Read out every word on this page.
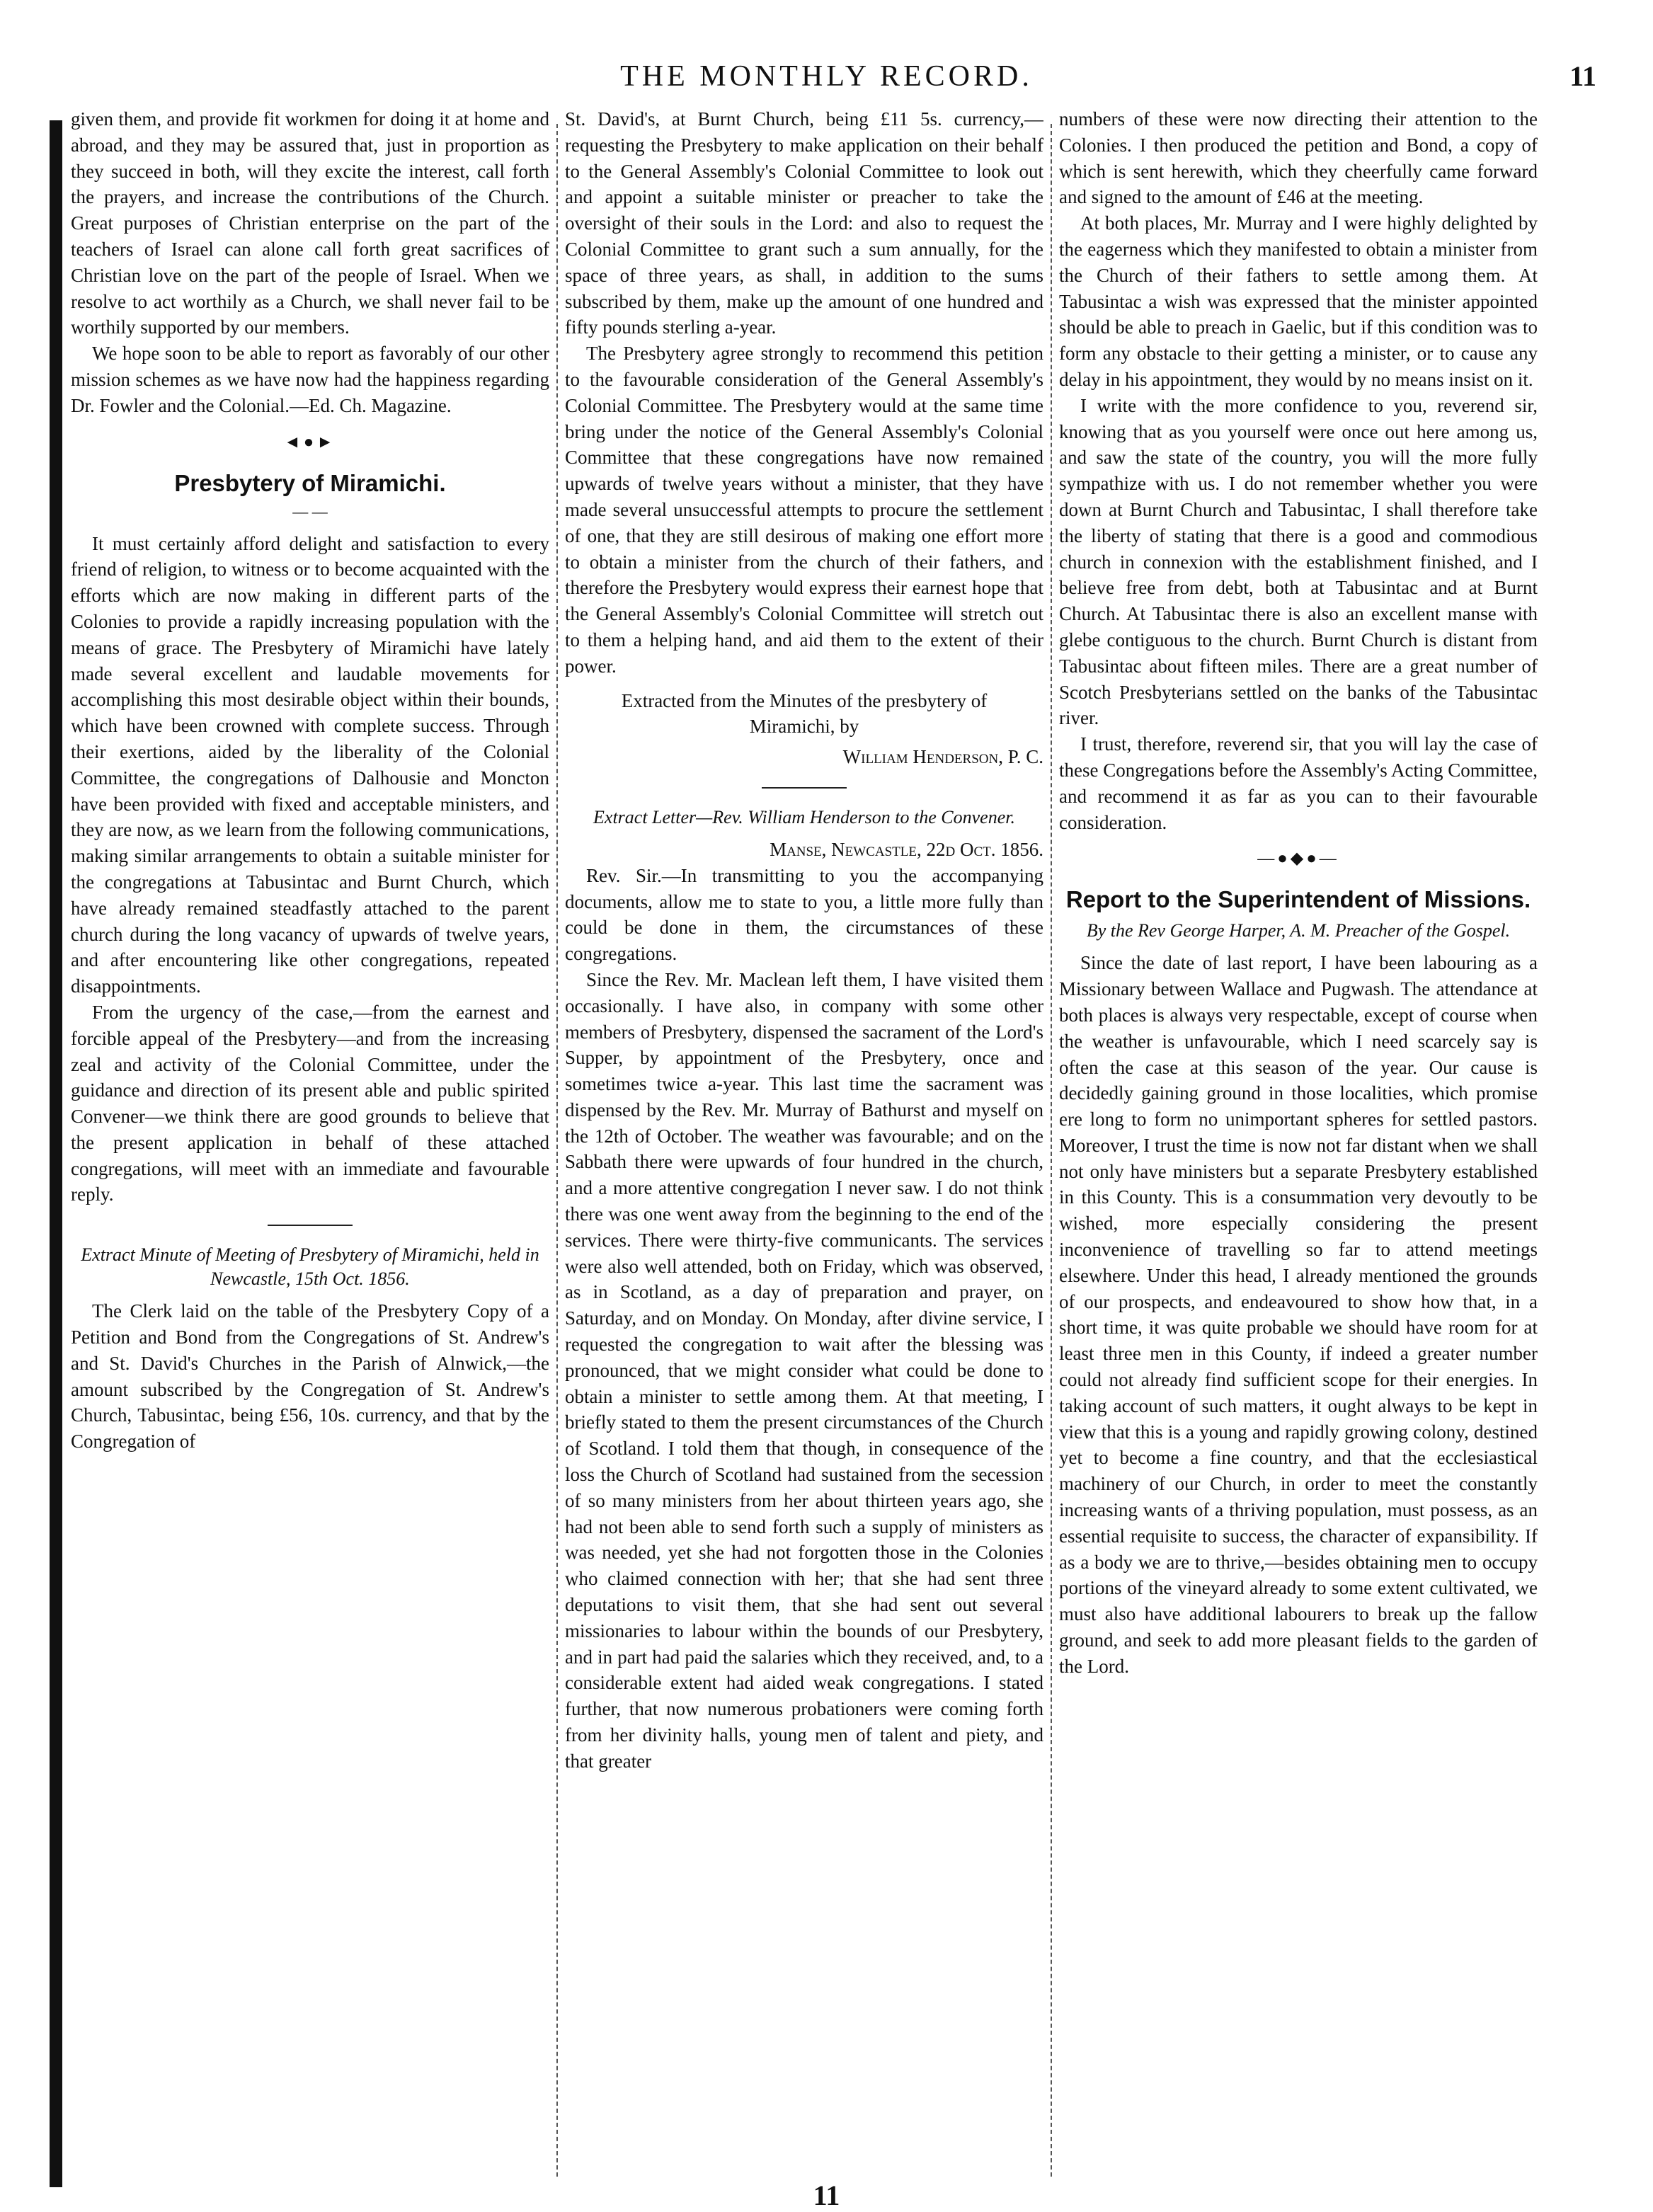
THE MONTHLY RECORD.	11

given them, and provide fit workmen for doing it at home and abroad, and they may be assured that, just in proportion as they succeed in both, will they excite the interest, call forth the prayers, and increase the contributions of the Church. Great purposes of Christian enterprise on the part of the teachers of Israel can alone call forth great sacrifices of Christian love on the part of the people of Israel. When we resolve to act worthily as a Church, we shall never fail to be worthily supported by our members.

We hope soon to be able to report as favorably of our other mission schemes as we have now had the happiness regarding Dr. Fowler and the Colonial.—Ed. Ch. Magazine.

◄●►
Presbytery of Miramichi.
— —

It must certainly afford delight and satisfaction to every friend of religion, to witness or to become acquainted with the efforts which are now making in different parts of the Colonies to provide a rapidly increasing population with the means of grace. The Presbytery of Miramichi have lately made several excellent and laudable movements for accomplishing this most desirable object within their bounds, which have been crowned with complete success. Through their exertions, aided by the liberality of the Colonial Committee, the congregations of Dalhousie and Moncton have been provided with fixed and acceptable ministers, and they are now, as we learn from the following communications, making similar arrangements to obtain a suitable minister for the congregations at Tabusintac and Burnt Church, which have already remained steadfastly attached to the parent church during the long vacancy of upwards of twelve years, and after encountering like other congregations, repeated disappointments.

From the urgency of the case,—from the earnest and forcible appeal of the Presbytery—and from the increasing zeal and activity of the Colonial Committee, under the guidance and direction of its present able and public spirited Convener—we think there are good grounds to believe that the present application in behalf of these attached congregations, will meet with an immediate and favourable reply.

Extract Minute of Meeting of Presbytery of Miramichi, held in Newcastle, 15th Oct. 1856.

The Clerk laid on the table of the Presbytery Copy of a Petition and Bond from the Congregations of St. Andrew's and St. David's Churches in the Parish of Alnwick,—the amount subscribed by the Congregation of St. Andrew's Church, Tabusintac, being £56, 10s. currency, and that by the Congregation of

St. David's, at Burnt Church, being £11 5s. currency,—requesting the Presbytery to make application on their behalf to the General Assembly's Colonial Committee to look out and appoint a suitable minister or preacher to take the oversight of their souls in the Lord: and also to request the Colonial Committee to grant such a sum annually, for the space of three years, as shall, in addition to the sums subscribed by them, make up the amount of one hundred and fifty pounds sterling a-year.

The Presbytery agree strongly to recommend this petition to the favourable consideration of the General Assembly's Colonial Committee. The Presbytery would at the same time bring under the notice of the General Assembly's Colonial Committee that these congregations have now remained upwards of twelve years without a minister, that they have made several unsuccessful attempts to procure the settlement of one, that they are still desirous of making one effort more to obtain a minister from the church of their fathers, and therefore the Presbytery would express their earnest hope that the General Assembly's Colonial Committee will stretch out to them a helping hand, and aid them to the extent of their power.

Extracted from the Minutes of the presbytery of Miramichi, by

William Henderson, P. C.

Extract Letter—Rev. William Henderson to the Convener.

Manse, Newcastle, 22d Oct. 1856.

Rev. Sir.—In transmitting to you the accompanying documents, allow me to state to you, a little more fully than could be done in them, the circumstances of these congregations.

Since the Rev. Mr. Maclean left them, I have visited them occasionally. I have also, in company with some other members of Presbytery, dispensed the sacrament of the Lord's Supper, by appointment of the Presbytery, once and sometimes twice a-year. This last time the sacrament was dispensed by the Rev. Mr. Murray of Bathurst and myself on the 12th of October. The weather was favourable; and on the Sabbath there were upwards of four hundred in the church, and a more attentive congregation I never saw. I do not think there was one went away from the beginning to the end of the services. There were thirty-five communicants. The services were also well attended, both on Friday, which was observed, as in Scotland, as a day of preparation and prayer, on Saturday, and on Monday. On Monday, after divine service, I requested the congregation to wait after the blessing was pronounced, that we might consider what could be done to obtain a minister to settle among them. At that meeting, I briefly stated to them the present circumstances of the Church of Scotland. I told them that though, in consequence of the loss the Church of Scotland had sustained from the secession of so many ministers from her about thirteen years ago, she had not been able to send forth such a supply of ministers as was needed, yet she had not forgotten those in the Colonies who claimed connection with her; that she had sent three deputations to visit them, that she had sent out several missionaries to labour within the bounds of our Presbytery, and in part had paid the salaries which they received, and, to a considerable extent had aided weak congregations. I stated further, that now numerous probationers were coming forth from her divinity halls, young men of talent and piety, and that greater

numbers of these were now directing their attention to the Colonies. I then produced the petition and Bond, a copy of which is sent herewith, which they cheerfully came forward and signed to the amount of £46 at the meeting.

At both places, Mr. Murray and I were highly delighted by the eagerness which they manifested to obtain a minister from the Church of their fathers to settle among them. At Tabusintac a wish was expressed that the minister appointed should be able to preach in Gaelic, but if this condition was to form any obstacle to their getting a minister, or to cause any delay in his appointment, they would by no means insist on it.

I write with the more confidence to you, reverend sir, knowing that as you yourself were once out here among us, and saw the state of the country, you will the more fully sympathize with us. I do not remember whether you were down at Burnt Church and Tabusintac, I shall therefore take the liberty of stating that there is a good and commodious church in connexion with the establishment finished, and I believe free from debt, both at Tabusintac and at Burnt Church. At Tabusintac there is also an excellent manse with glebe contiguous to the church. Burnt Church is distant from Tabusintac about fifteen miles. There are a great number of Scotch Presbyterians settled on the banks of the Tabusintac river.

I trust, therefore, reverend sir, that you will lay the case of these Congregations before the Assembly's Acting Committee, and recommend it as far as you can to their favourable consideration.

—●◆●—
Report to the Superintendent of Missions.
By the Rev George Harper, A. M. Preacher of the Gospel.

Since the date of last report, I have been labouring as a Missionary between Wallace and Pugwash. The attendance at both places is always very respectable, except of course when the weather is unfavourable, which I need scarcely say is often the case at this season of the year. Our cause is decidedly gaining ground in those localities, which promise ere long to form no unimportant spheres for settled pastors. Moreover, I trust the time is now not far distant when we shall not only have ministers but a separate Presbytery established in this County. This is a consummation very devoutly to be wished, more especially considering the present inconvenience of travelling so far to attend meetings elsewhere. Under this head, I already mentioned the grounds of our prospects, and endeavoured to show how that, in a short time, it was quite probable we should have room for at least three men in this County, if indeed a greater number could not already find sufficient scope for their energies. In taking account of such matters, it ought always to be kept in view that this is a young and rapidly growing colony, destined yet to become a fine country, and that the ecclesiastical machinery of our Church, in order to meet the constantly increasing wants of a thriving population, must possess, as an essential requisite to success, the character of expansibility. If as a body we are to thrive,—besides obtaining men to occupy portions of the vineyard already to some extent cultivated, we must also have additional labourers to break up the fallow ground, and seek to add more pleasant fields to the garden of the Lord.

11
